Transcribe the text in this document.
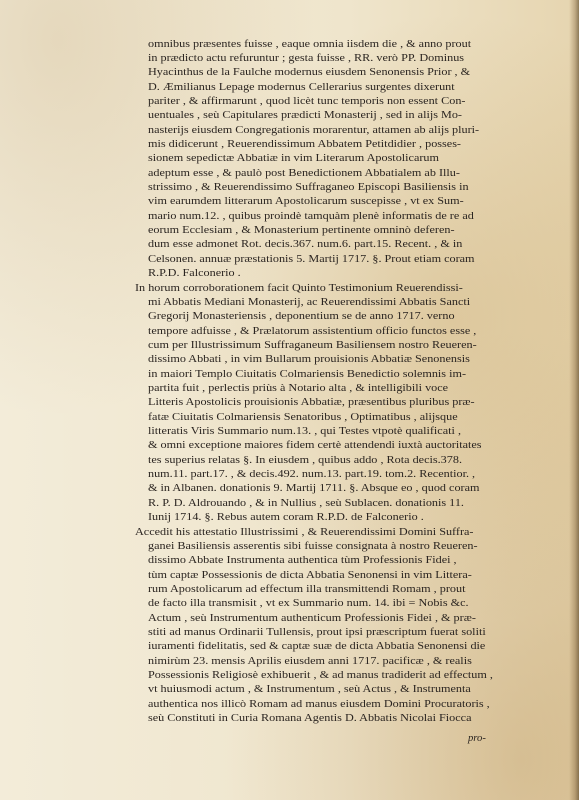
omnibus præsentes fuisse , eaque omnia iisdem die , & anno prout
in prædicto actu refuruntur ; gesta fuisse , RR. verò PP. Dominus
Hyacinthus de la Faulche modernus eiusdem Senonensis Prior , &
D. Æmilianus Lepage modernus Cellerarius surgentes dixerunt
pariter , & affirmarunt , quod licèt tunc temporis non essent Con-
uentuales , seù Capitulares prædicti Monasterij , sed in alijs Mo-
nasterijs eiusdem Congregationis morarentur, attamen ab alijs pluri-
mis didicerunt , Reuerendissimum Abbatem Petitdidier , posses-
sionem sepedictæ Abbatiæ in vim Literarum Apostolicarum
adeptum esse , & paulò post Benedictionem Abbatialem ab Illu-
strissimo , & Reuerendissimo Suffraganeo Episcopi Basiliensis in
vim earumdem litterarum Apostolicarum suscepisse , vt ex Sum-
mario num.12. , quibus proindè tamquàm plenè informatis de re ad
eorum Ecclesiam , & Monasterium pertinente omninò deferen-
dum esse admonet Rot. decis.367. num.6. part.15. Recent. , & in
Celsonen. annuæ præstationis 5. Martij 1717. §. Prout etiam coram
R.P.D. Falconerio .
In horum corroborationem facit Quinto Testimonium Reuerendissi-
mi Abbatis Mediani Monasterij, ac Reuerendissimi Abbatis Sancti
Gregorij Monasteriensis , deponentium se de anno 1717. verno
tempore adfuisse , & Prælatorum assistentium officio functos esse ,
cum per Illustrissimum Suffraganeum Basiliensem nostro Reueren-
dissimo Abbati , in vim Bullarum prouisionis Abbatiæ Senonensis
in maiori Templo Ciuitatis Colmariensis Benedictio solemnis im-
partita fuit , perlectis priùs à Notario alta , & intelligibili voce
Litteris Apostolicis prouisionis Abbatiæ, præsentibus pluribus præ-
fatæ Ciuitatis Colmariensis Senatoribus , Optimatibus , alijsque
litteratis Viris Summario num.13. , qui Testes vtpotè qualificati ,
& omni exceptione maiores fidem certè attendendi iuxtà auctoritates
tes superius relatas §. In eiusdem , quibus addo , Rota decis.378.
num.11. part.17. , & decis.492. num.13. part.19. tom.2. Recentior. ,
& in Albanen. donationis 9. Martij 1711. §. Absque eo , quod coram
R. P. D. Aldrouando , & in Nullius , seù Sublacen. donationis 11.
Iunij 1714. §. Rebus autem coram R.P.D. de Falconerio .
Accedit his attestatio Illustrissimi , & Reuerendissimi Domini Suffra-
ganei Basiliensis asserentis sibi fuisse consignata à nostro Reueren-
dissimo Abbate Instrumenta authentica tùm Professionis Fidei ,
tùm captæ Possessionis de dicta Abbatia Senonensi in vim Littera-
rum Apostolicarum ad effectum illa transmittendi Romam , prout
de facto illa transmisit , vt ex Summario num. 14. ibi = Nobis &c.
Actum , seù Instrumentum authenticum Professionis Fidei , & præ-
stiti ad manus Ordinarii Tullensis, prout ipsi præscriptum fuerat soliti
iuramenti fidelitatis, sed & captæ suæ de dicta Abbatia Senonensi die
nimirùm 23. mensis Aprilis eiusdem anni 1717. pacificæ , & realis
Possessionis Religiosè exhibuerit , & ad manus tradiderit ad effectum ,
vt huiusmodi actum , & Instrumentum , seù Actus , & Instrumenta
authentica nos illicò Romam ad manus eiusdem Domini Procuratoris ,
seù Constituti in Curia Romana Agentis D. Abbatis Nicolai Fiocca
pro-
